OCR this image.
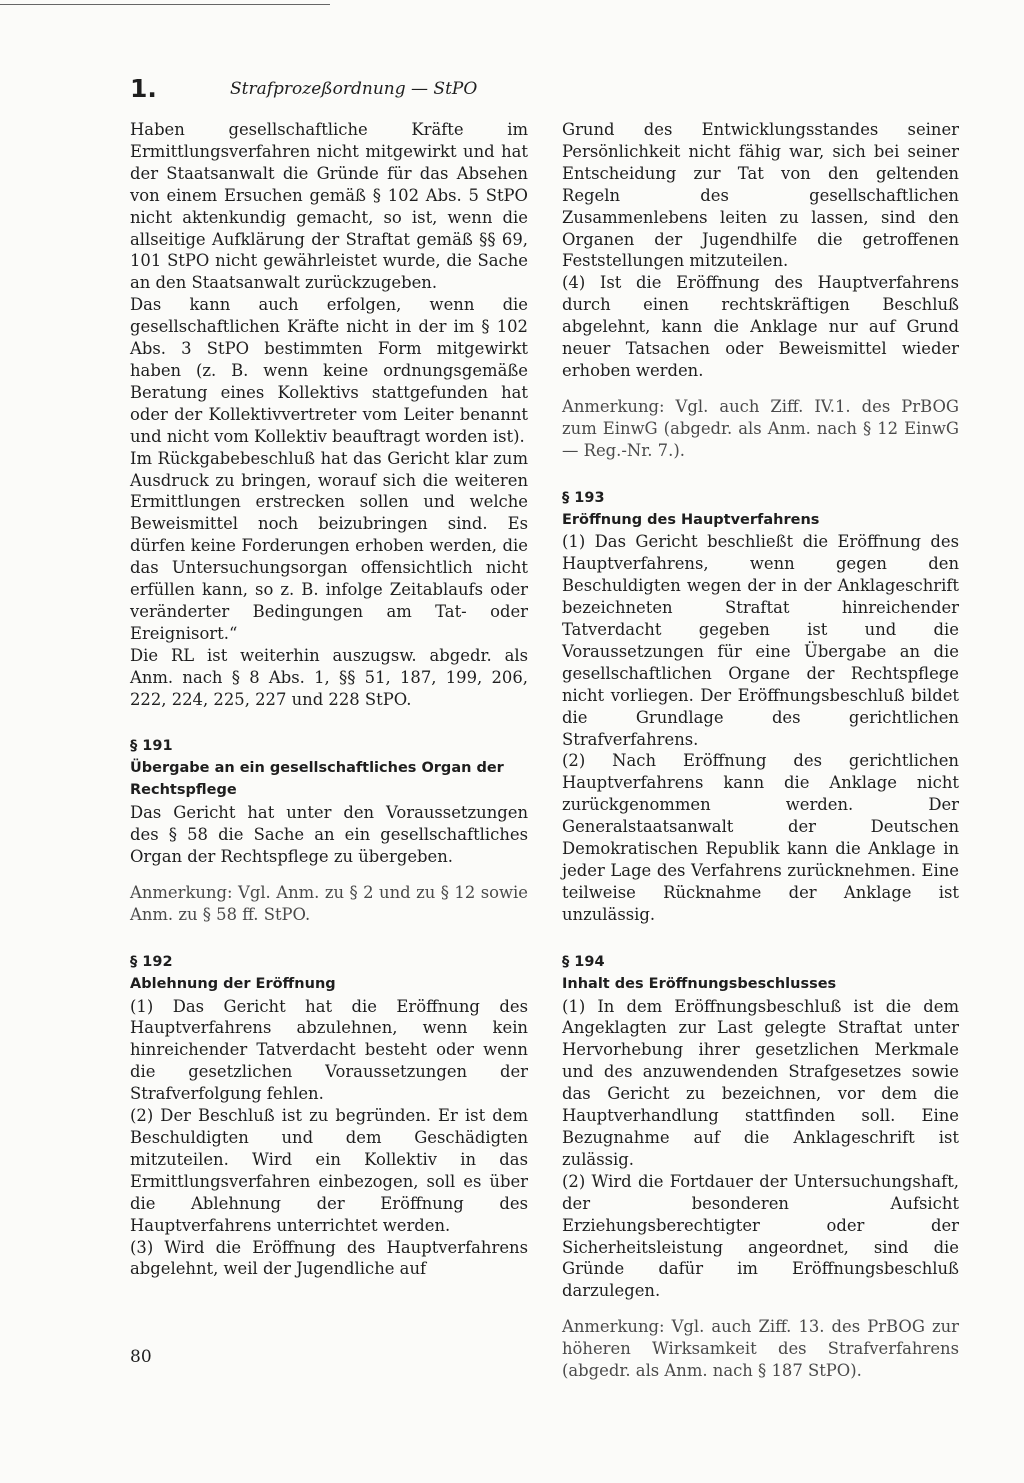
1.	Strafprozeßordnung — StPO

Haben gesellschaftliche Kräfte im Ermittlungsverfahren nicht mitgewirkt und hat der Staatsanwalt die Gründe für das Absehen von einem Ersuchen gemäß § 102 Abs. 5 StPO nicht aktenkundig gemacht, so ist, wenn die allseitige Aufklärung der Straftat gemäß §§ 69, 101 StPO nicht gewährleistet wurde, die Sache an den Staatsanwalt zurückzugeben.

Das kann auch erfolgen, wenn die gesellschaftlichen Kräfte nicht in der im § 102 Abs. 3 StPO bestimmten Form mitgewirkt haben (z. B. wenn keine ordnungsgemäße Beratung eines Kollektivs stattgefunden hat oder der Kollektivvertreter vom Leiter benannt und nicht vom Kollektiv beauftragt worden ist).

Im Rückgabebeschluß hat das Gericht klar zum Ausdruck zu bringen, worauf sich die weiteren Ermittlungen erstrecken sollen und welche Beweismittel noch beizubringen sind. Es dürfen keine Forderungen erhoben werden, die das Untersuchungsorgan offensichtlich nicht erfüllen kann, so z. B. infolge Zeitablaufs oder veränderter Bedingungen am Tat- oder Ereignisort.“

Die RL ist weiterhin auszugsw. abgedr. als Anm. nach § 8 Abs. 1, §§ 51, 187, 199, 206, 222, 224, 225, 227 und 228 StPO.

§ 191
Übergabe an ein gesellschaftliches Organ der Rechtspflege

Das Gericht hat unter den Voraussetzungen des § 58 die Sache an ein gesellschaftliches Organ der Rechtspflege zu übergeben.

Anmerkung: Vgl. Anm. zu § 2 und zu § 12 sowie Anm. zu § 58 ff. StPO.

§ 192
Ablehnung der Eröffnung

(1) Das Gericht hat die Eröffnung des Hauptverfahrens abzulehnen, wenn kein hinreichender Tatverdacht besteht oder wenn die gesetzlichen Voraussetzungen der Strafverfolgung fehlen.

(2) Der Beschluß ist zu begründen. Er ist dem Beschuldigten und dem Geschädigten mitzuteilen. Wird ein Kollektiv in das Ermittlungsverfahren einbezogen, soll es über die Ablehnung der Eröffnung des Hauptverfahrens unterrichtet werden.

(3) Wird die Eröffnung des Hauptverfahrens abgelehnt, weil der Jugendliche auf

Grund des Entwicklungsstandes seiner Persönlichkeit nicht fähig war, sich bei seiner Entscheidung zur Tat von den geltenden Regeln des gesellschaftlichen Zusammenlebens leiten zu lassen, sind den Organen der Jugendhilfe die getroffenen Feststellungen mitzuteilen.

(4) Ist die Eröffnung des Hauptverfahrens durch einen rechtskräftigen Beschluß abgelehnt, kann die Anklage nur auf Grund neuer Tatsachen oder Beweismittel wieder erhoben werden.

Anmerkung: Vgl. auch Ziff. IV.1. des PrBOG zum EinwG (abgedr. als Anm. nach § 12 EinwG — Reg.-Nr. 7.).

§ 193
Eröffnung des Hauptverfahrens

(1) Das Gericht beschließt die Eröffnung des Hauptverfahrens, wenn gegen den Beschuldigten wegen der in der Anklageschrift bezeichneten Straftat hinreichender Tatverdacht gegeben ist und die Voraussetzungen für eine Übergabe an die gesellschaftlichen Organe der Rechtspflege nicht vorliegen. Der Eröffnungsbeschluß bildet die Grundlage des gerichtlichen Strafverfahrens.

(2) Nach Eröffnung des gerichtlichen Hauptverfahrens kann die Anklage nicht zurückgenommen werden. Der Generalstaatsanwalt der Deutschen Demokratischen Republik kann die Anklage in jeder Lage des Verfahrens zurücknehmen. Eine teilweise Rücknahme der Anklage ist unzulässig.

§ 194
Inhalt des Eröffnungsbeschlusses

(1) In dem Eröffnungsbeschluß ist die dem Angeklagten zur Last gelegte Straftat unter Hervorhebung ihrer gesetzlichen Merkmale und des anzuwendenden Strafgesetzes sowie das Gericht zu bezeichnen, vor dem die Hauptverhandlung stattfinden soll. Eine Bezugnahme auf die Anklageschrift ist zulässig.

(2) Wird die Fortdauer der Untersuchungshaft, der besonderen Aufsicht Erziehungsberechtigter oder der Sicherheitsleistung angeordnet, sind die Gründe dafür im Eröffnungsbeschluß darzulegen.

Anmerkung: Vgl. auch Ziff. 13. des PrBOG zur höheren Wirksamkeit des Strafverfahrens (abgedr. als Anm. nach § 187 StPO).

80
